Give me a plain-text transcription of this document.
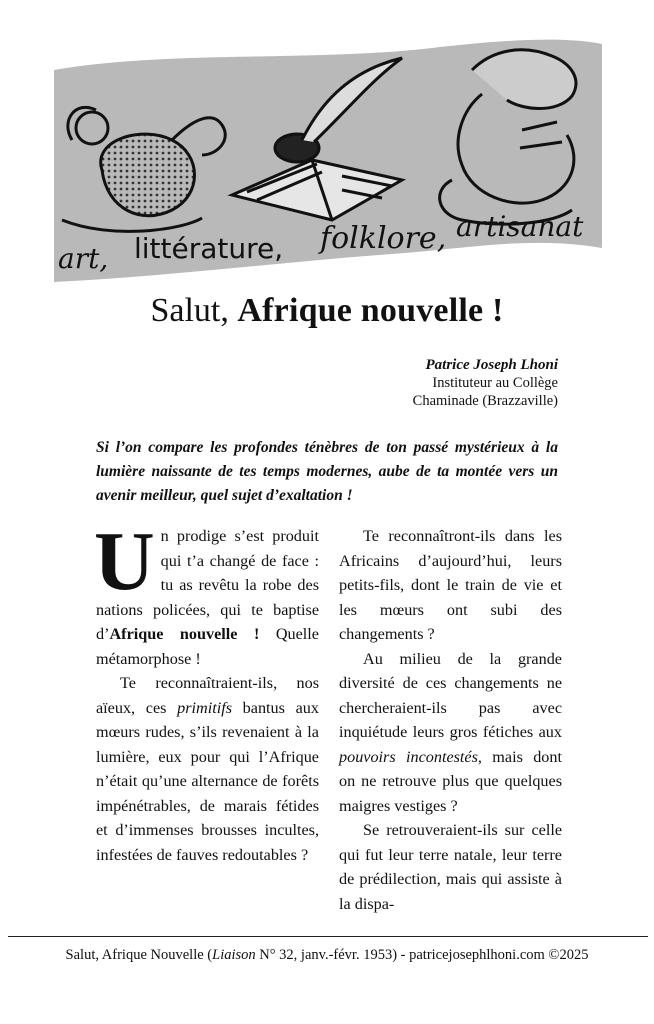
art, littérature, folklore, artisanat
Salut, Afrique nouvelle !
Patrice Joseph Lhoni
Instituteur au Collège
Chaminade (Brazzaville)

Si l’on compare les profondes ténèbres de ton passé mystérieux à la lumière naissante de tes temps modernes, aube de ta montée vers un avenir meilleur, quel sujet d’exaltation !

Un prodige s’est produit qui t’a changé de face : tu as revêtu la robe des nations policées, qui te baptise d’Afrique nouvelle ! Quelle métamorphose !

Te reconnaîtraient-ils, nos aïeux, ces primitifs bantus aux mœurs rudes, s’ils revenaient à la lumière, eux pour qui l’Afrique n’était qu’une alternance de forêts impénétrables, de marais fétides et d’immenses brousses incultes, infestées de fauves redoutables ?

Te reconnaîtront-ils dans les Africains d’aujourd’hui, leurs petits-fils, dont le train de vie et les mœurs ont subi des changements ?

Au milieu de la grande diversité de ces changements ne chercheraient-ils pas avec inquiétude leurs gros fétiches aux pouvoirs incontestés, mais dont on ne retrouve plus que quelques maigres vestiges ?

Se retrouveraient-ils sur celle qui fut leur terre natale, leur terre de prédilection, mais qui assiste à la dispa-

Salut, Afrique Nouvelle (Liaison N° 32, janv.-févr. 1953) - patricejosephlhoni.com ©2025
